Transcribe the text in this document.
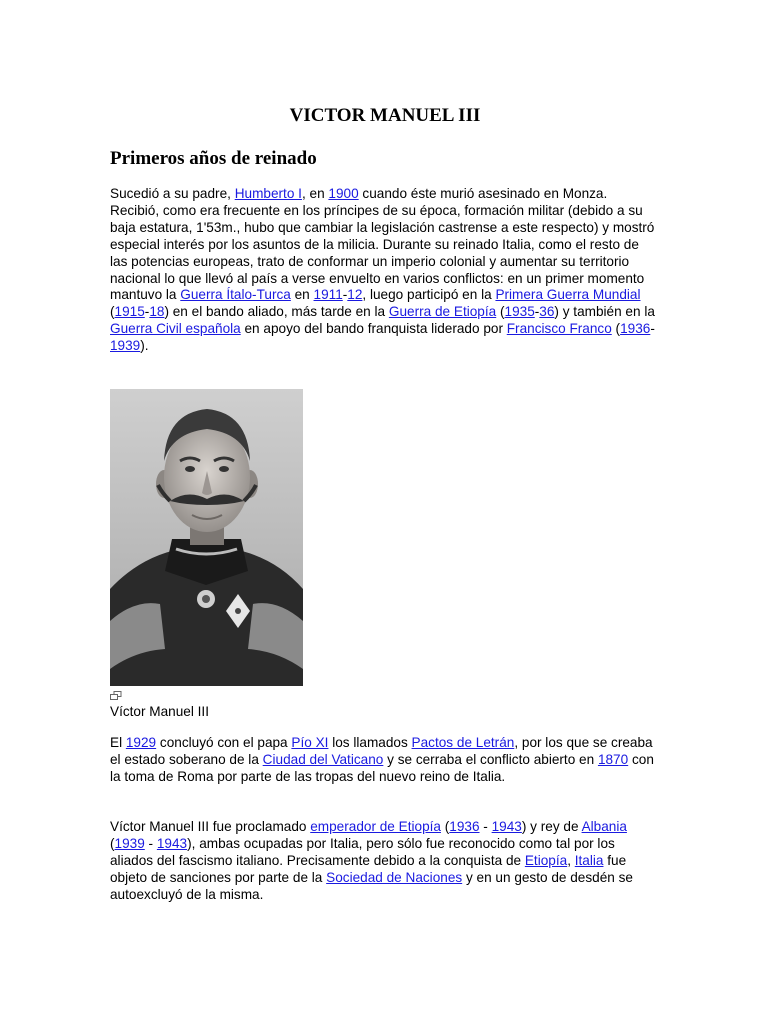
VICTOR MANUEL III
Primeros años de reinado

Sucedió a su padre, Humberto I, en 1900 cuando éste murió asesinado en Monza. Recibió, como era frecuente en los príncipes de su época, formación militar (debido a su baja estatura, 1'53m., hubo que cambiar la legislación castrense a este respecto) y mostró especial interés por los asuntos de la milicia. Durante su reinado Italia, como el resto de las potencias europeas, trato de conformar un imperio colonial y aumentar su territorio nacional lo que llevó al país a verse envuelto en varios conflictos: en un primer momento mantuvo la Guerra Ítalo-Turca en 1911-12, luego participó en la Primera Guerra Mundial (1915-18) en el bando aliado, más tarde en la Guerra de Etiopía (1935-36) y también en la Guerra Civil española en apoyo del bando franquista liderado por Francisco Franco (1936-1939).

Víctor Manuel III

El 1929 concluyó con el papa Pío XI los llamados Pactos de Letrán, por los que se creaba el estado soberano de la Ciudad del Vaticano y se cerraba el conflicto abierto en 1870 con la toma de Roma por parte de las tropas del nuevo reino de Italia.

Víctor Manuel III fue proclamado emperador de Etiopía (1936 - 1943) y rey de Albania (1939 - 1943), ambas ocupadas por Italia, pero sólo fue reconocido como tal por los aliados del fascismo italiano. Precisamente debido a la conquista de Etiopía, Italia fue objeto de sanciones por parte de la Sociedad de Naciones y en un gesto de desdén se autoexcluyó de la misma.
